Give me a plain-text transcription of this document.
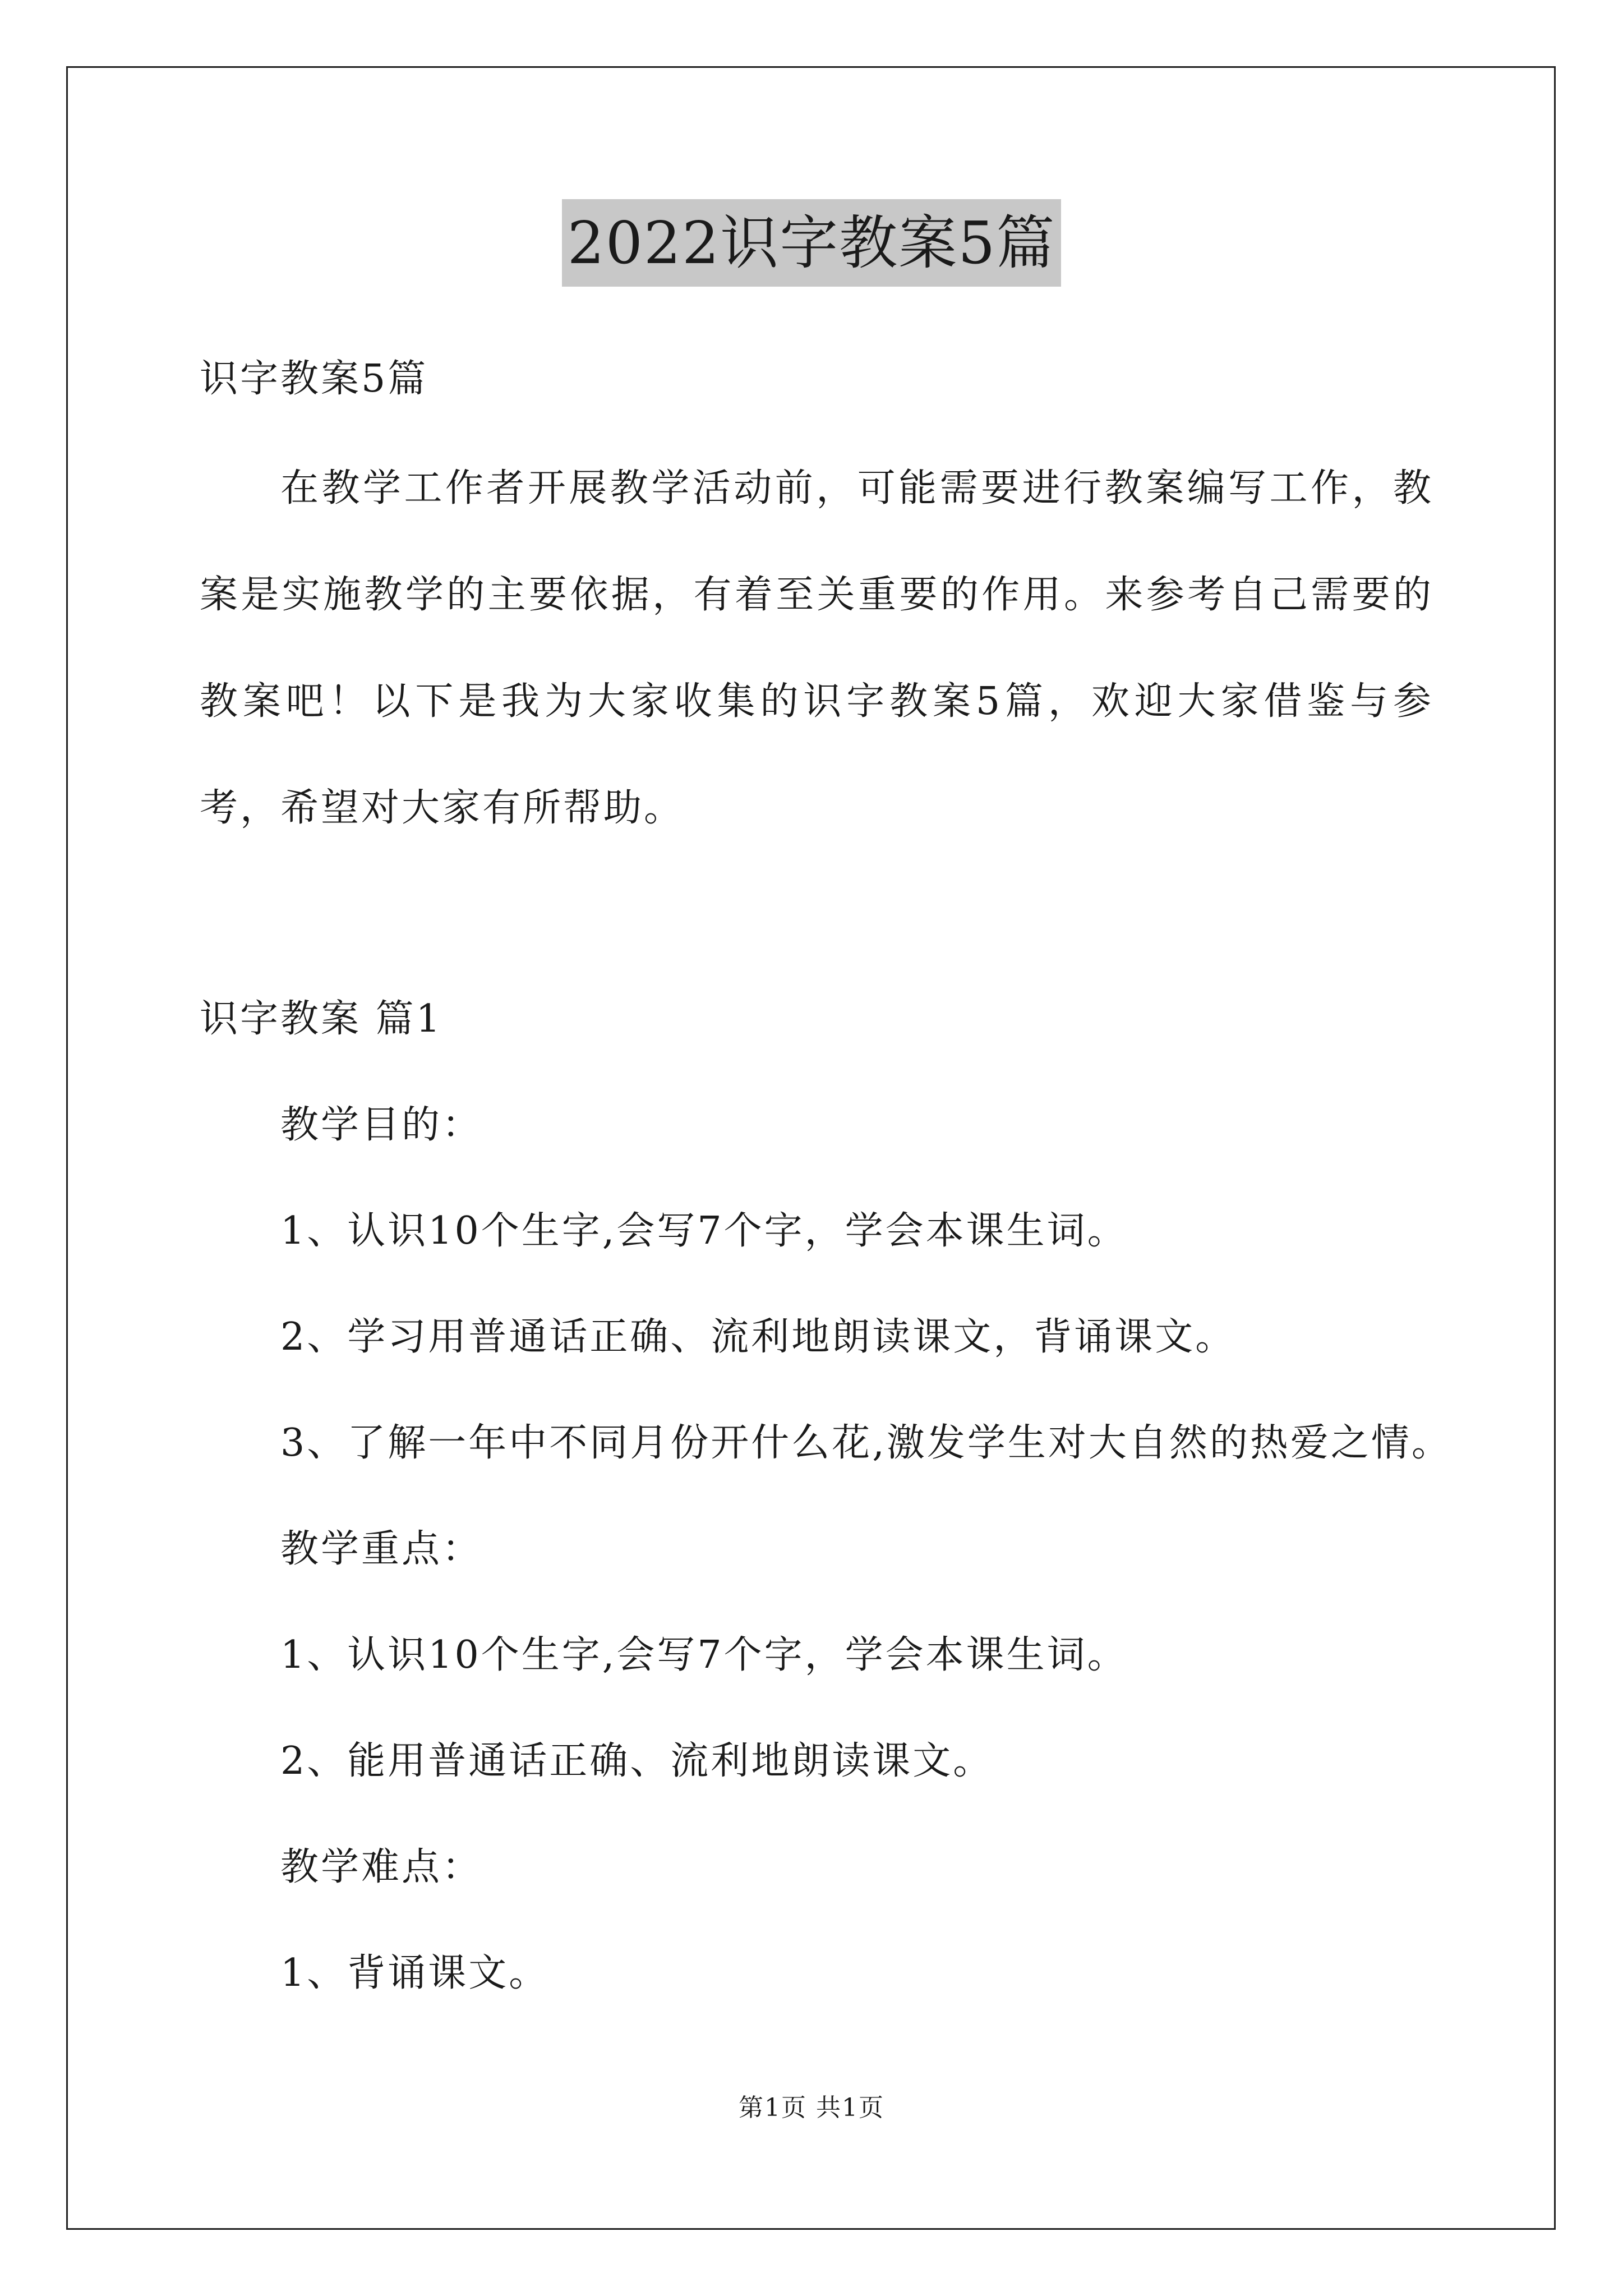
2022识字教案5篇
识字教案5篇
在教学工作者开展教学活动前，可能需要进行教案编写工作，教案是实施教学的主要依据，有着至关重要的作用。来参考自己需要的教案吧！以下是我为大家收集的识字教案5篇，欢迎大家借鉴与参考，希望对大家有所帮助。
识字教案 篇1
教学目的：
1、认识10个生字,会写7个字，学会本课生词。
2、学习用普通话正确、流利地朗读课文，背诵课文。
3、了解一年中不同月份开什么花,激发学生对大自然的热爱之情。
教学重点：
1、认识10个生字,会写7个字，学会本课生词。
2、能用普通话正确、流利地朗读课文。
教学难点：
1、背诵课文。
第1页 共1页
